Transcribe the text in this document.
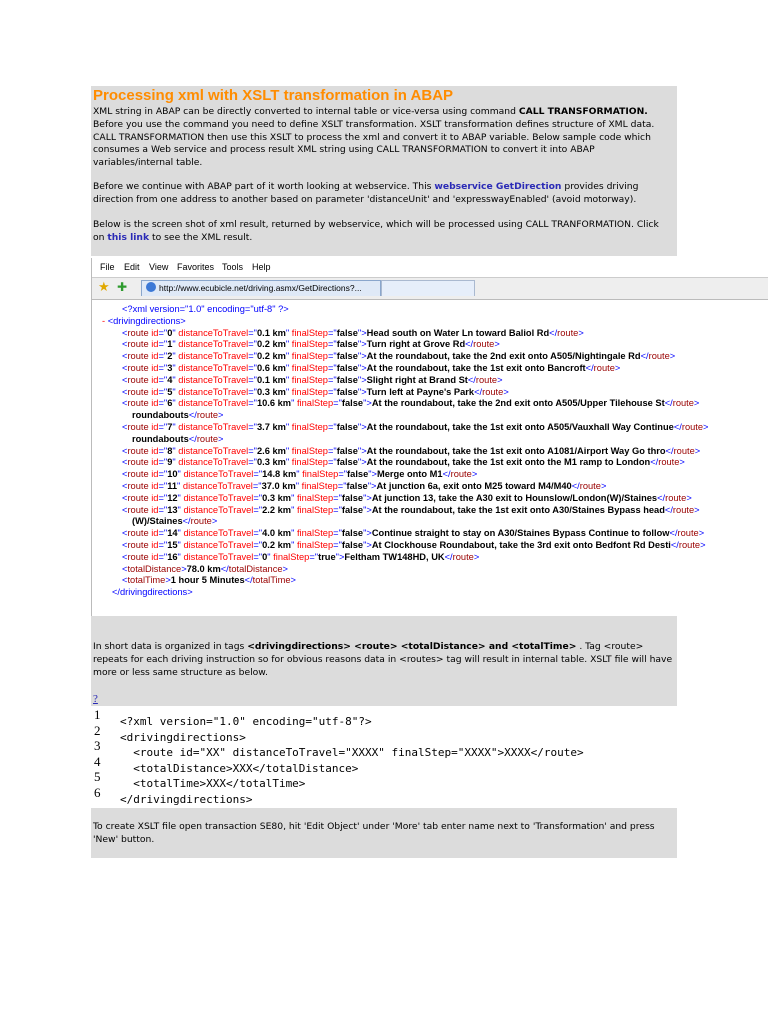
Processing xml with XSLT transformation in ABAP
XML string in ABAP can be directly converted to internal table or vice-versa using command CALL TRANSFORMATION. Before you use the command you need to define XSLT transformation. XSLT transformation defines structure of XML data. CALL TRANSFORMATION then use this XSLT to process the xml and convert it to ABAP variable. Below sample code which consumes a Web service and process result XML string using CALL TRANSFORMATION to convert it into ABAP variables/internal table.
Before we continue with ABAP part of it worth looking at webservice. This webservice GetDirection provides driving direction from one address to another based on parameter 'distanceUnit' and 'expresswayEnabled' (avoid motorway).
Below is the screen shot of xml result, returned by webservice, which will be processed using CALL TRANFORMATION. Click on this link to see the XML result.
File Edit View Favorites Tools Help
★ ✚	http://www.ecubicle.net/driving.asmx/GetDirections?...
<?xml version="1.0" encoding="utf-8" ?>
- <drivingdirections>
<route id="0" distanceToTravel="0.1 km" finalStep="false">Head south on Water Ln toward Baliol Rd</route>
<route id="1" distanceToTravel="0.2 km" finalStep="false">Turn right at Grove Rd</route>
<route id="2" distanceToTravel="0.2 km" finalStep="false">At the roundabout, take the 2nd exit onto A505/Nightingale Rd</route>
<route id="3" distanceToTravel="0.6 km" finalStep="false">At the roundabout, take the 1st exit onto Bancroft</route>
<route id="4" distanceToTravel="0.1 km" finalStep="false">Slight right at Brand St</route>
<route id="5" distanceToTravel="0.3 km" finalStep="false">Turn left at Payne's Park</route>
<route id="6" distanceToTravel="10.6 km" finalStep="false">At the roundabout, take the 2nd exit onto A505/Upper Tilehouse St</route>
roundabouts</route>
<route id="7" distanceToTravel="3.7 km" finalStep="false">At the roundabout, take the 1st exit onto A505/Vauxhall Way Continue</route>
roundabouts</route>
<route id="8" distanceToTravel="2.6 km" finalStep="false">At the roundabout, take the 1st exit onto A1081/Airport Way Go thro</route>
<route id="9" distanceToTravel="0.3 km" finalStep="false">At the roundabout, take the 1st exit onto the M1 ramp to London</route>
<route id="10" distanceToTravel="14.8 km" finalStep="false">Merge onto M1</route>
<route id="11" distanceToTravel="37.0 km" finalStep="false">At junction 6a, exit onto M25 toward M4/M40</route>
<route id="12" distanceToTravel="0.3 km" finalStep="false">At junction 13, take the A30 exit to Hounslow/London(W)/Staines</route>
<route id="13" distanceToTravel="2.2 km" finalStep="false">At the roundabout, take the 1st exit onto A30/Staines Bypass head</route>
(W)/Staines</route>
<route id="14" distanceToTravel="4.0 km" finalStep="false">Continue straight to stay on A30/Staines Bypass Continue to follow</route>
<route id="15" distanceToTravel="0.2 km" finalStep="false">At Clockhouse Roundabout, take the 3rd exit onto Bedfont Rd Desti</route>
<route id="16" distanceToTravel="0" finalStep="true">Feltham TW148HD, UK</route>
<totalDistance>78.0 km</totalDistance>
<totalTime>1 hour 5 Minutes</totalTime>
</drivingdirections>
In short data is organized in tags <drivingdirections> <route> <totalDistance> and <totalTime> . Tag <route> repeats for each driving instruction so for obvious reasons data in <routes> tag will result in internal table. XSLT file will have more or less same structure as below.
?
1 <?xml version="1.0" encoding="utf-8"?>
2 <drivingdirections>
3 <route id="XX" distanceToTravel="XXXX" finalStep="XXXX">XXXX</route>
4 <totalDistance>XXX</totalDistance>
5 <totalTime>XXX</totalTime>
6 </drivingdirections>
To create XSLT file open transaction SE80, hit 'Edit Object' under 'More' tab enter name next to 'Transformation' and press 'New' button.
